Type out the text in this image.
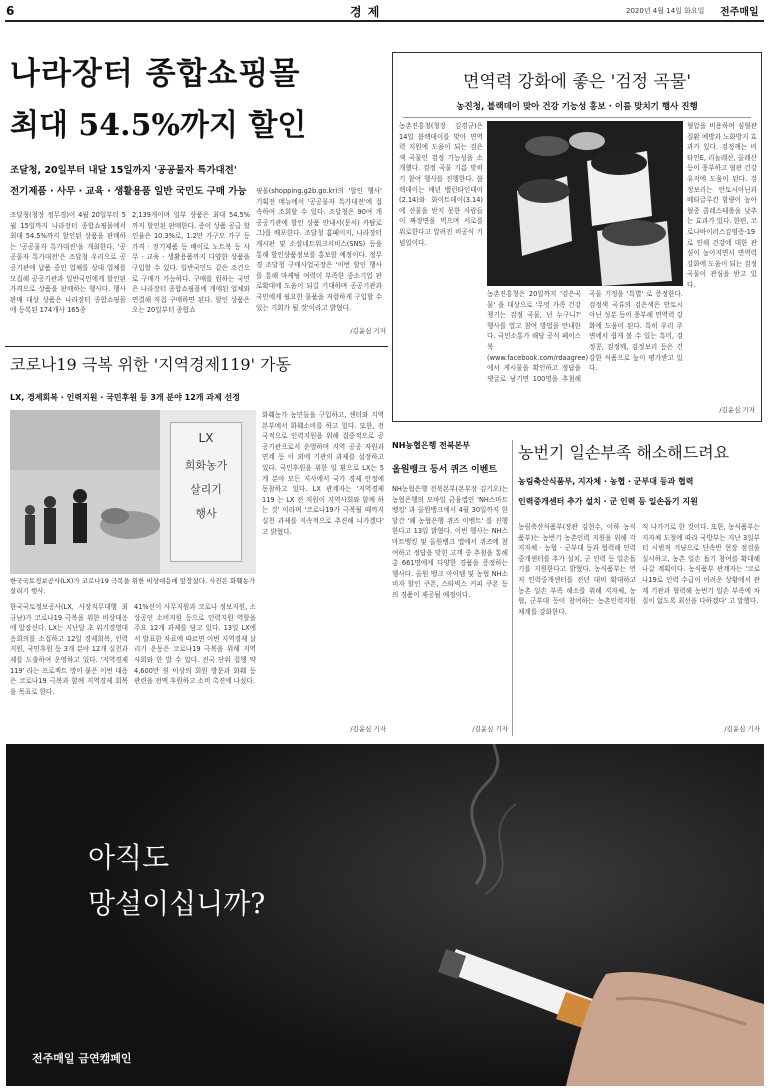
6	경 제	2020년 4월 14일 화요일 전주매일
나라장터 종합쇼핑몰
최대 54.5%까지 할인
조달청, 20일부터 내달 15일까지 '공공물자 특가대전'
전기제품 · 사무 · 교육 · 생활용품 일반 국민도 구매 가능
조달청(청장 정무경)이 4월 20일부터 5월 15일까지 나라장터 종합쇼핑몰에서 최대 54.5%까지 할인된 상품을 판매하는 '공공물자 특가대전'을 개최한다. '공공물자 특가대전'은 조달청 우리으로 공공기관에 납품 중인 업체를 상대 업체를 모집해 공공기관과 일반국민에게 할인된 가격으로 상품을 판매하는 행사다. 행사 판매 대상 상품은 나라장터 종합쇼핑몰에 등록된 174개사 165종
2,139개이며 일부 상품은 최대 54.5%까지 할인된 판매한다. 종이 상품 공급 할인율은 10.3%로, 1.2만 가구모 가구 등 가격 · 전기제품 등 배이로 노트북 등 사무 · 교육 · 생활용품까지 다양한 상품을 구입할 수 있다. 일반국민도 같은 조건으로 구매가 가능하다. 구매를 원하는 국민은 나라장터 종합쇼핑몰에 개에된 업체와 연결해 직접 구매하면 된다. 할인 상품은 오는 20일부터 종합쇼
핑몰(shopping.g2b.go.kr)의 '할인 행사' 기획전 메뉴에서 '공공물자 특가대전'에 접속하여 조회할 수 있다. 조달청은 90여 개 공공기관에 할인 상품 안내서(문서) 카탈로그)를 배포한다. 조달청 홈페이지, 나라장터 게시판 및 소셜네트워크서비스(SNS) 등을 통해 할인상품정보를 홍보할 예정이다. 정무경 조달청 구매사업국장은 '이번 할인 행사를 통해 마케팅 여력이 부족한 중소기업 판로확대에 도움이 되길 기대하며 공공기관과 국민에게 필요한 물품을 저렴하게 구입할 수 있는 기회가 될 것'이라고 밝혔다.
/김윤심 기자
면역력 강화에 좋은 '검정 곡물'
농진청, 블랙데이 맞아 건강 기능성 홍보 · 이름 맞치기 행사 진행
농촌진흥청(청장 김경규)은 14일 블랙데이를 맞아 면역력 지원에 도움이 되는 검은색 곡물인 검정 기능성을 소개했다. 검정 곡물 기름 맞히기 참여 행사를 진행한다. 블랙데이는 매년 밸런타인데이(2.14)와 화이트데이(3.14)에 선물을 받지 못한 사람들이 짜장면을 먹으며 서로를 위로한다고 알려진 비공식 기념일이다.
농촌진흥청은 20일까지 '검은곡물' 을 대상으로 '무엇 가족 건강 챙기는 검정 곡물, 넌 누구니?' 행사를 열고 참여 방법을 안내한다. 국민소통가 해당 공식 페이스북(www.facebook.com/rdaagree)에서 게시물을 확인하고 정답을 댓글로 남기면 100명을 추첨해 곡물 기정을 '특별' 로 증정한다. 검정색 곡류의 검은색은 안토시아닌 성분 등이 풍부해 면역력 강화에 도움이 된다. 특히 우리 주변에서 쉽게 볼 수 있는 흑미, 검정콩, 검정깨, 검정보리 등은 건강한 식품으로 높이 평가받고 있다.
혈압을 비용하며 심혈관 질환 예방과 노화방지 효과가 있다. 검정깨는 비타민E, 리놀레산, 올레산 등이 풍부하고 혈관 건강 유지에 도움이 된다. 검정보리는 안토시아닌과 베타글루칸 함량이 높아 혈중 콜레스테롤을 낮추는 효과가 있다. 한편, 코로나바이러스감염증-19로 인해 건강에 대한 관심이 높아지면서 면역력 강화에 도움이 되는 검정 곡물이 관심을 받고 있다.
/김윤심 기자
코로나19 극복 위한 '지역경제119' 가동
LX, 경제회복 · 인력지원 · 국민후원 등 3개 분야 12개 과제 선정
LX
희화농가
살리기
행사
한국국토정보공사(LX)가 코로나19 극복을 위한 비상대응에 앞장섰다. 사진은 화훼농가 살리기 행사.
한국국토정보공사(LX, 사장직무대행 최규남)가 코로나19 극복을 위한 비상대응에 앞장선다. LX는 지난달 초 위기경영대응회의를 소집하고 12일 경제회복, 인력지원, 국민후원 등 3개 분야 12개 실천과제를 도출하여 운영하고 있다. '지역경제 119' 라는 프로젝트 명이 붙은 이번 대응은 코로나19 극복과 함께 지역경제 회복을 목표로 한다.
41%선이 사무지원과 코로나 정보지원, 소상공인 소비지원 등으로 인력지원 역할을 주요 12개 과제를 담고 있다. 13일 LX에서 발표한 자료에 따르면 이번 지역경제 살리기 운동은 코로나19 극복을 위해 지역 사회와 한 발 수 있다. 전국 단위 집행 약 4,600만 원 이상의 회원 방문과 화훼 등 관련을 전액 후원하고 소비 촉진에 나섰다.
화훼농가 농민들을 구입하고, 센터와 지역본부에서 화훼소비를 하고 있다. 또한, 전국적으로 인력지원을 위해 집중적으로 공공기관으로서 운영하며 지역 공공 자원과 연계 등 이 외에 기관의 과제를 설정하고 있다. 국민후원을 위한 일 환으로 LX는 5개 분야 모든 지사에서 국가 경제 안정에 동참하고 있다. LX 관계자는 '지역경제 119 는 LX 전 직원이 지역사회와 함께 하는 것' 이라며 '코로나19가 극복될 때까지 실천 과제를 지속적으로 추진해 나가겠다' 고 밝혔다.
/김윤심 기자
NH농협은행 전북본부
올원뱅크 등서 퀴즈 이벤트
NH농협은행 전북본부(본부장 김기오)는 농협은행의 모바일 금융앱인 'NH스마트뱅킹' 과 올원뱅크에서 4월 30일까지 한달간 '왜 농협은행 퀴즈 이벤트' 를 진행한다고 13일 밝혔다. 이번 행사는 NH스마트뱅킹 및 올원뱅크 앱에서 퀴즈에 참여하고 정답을 맞힌 고객 중 추첨을 통해 총 661명에게 다양한 경품을 증정하는 행사다. 올원 뱅크 아이템 및 농협 NH소비자 할인 쿠폰, 스타벅스 커피 쿠폰 등의 경품이 제공될 예정이다.
/김윤심 기자
농번기 일손부족 해소해드려요
농림축산식품부, 지자체 · 농협 · 군부대 등과 협력
인력중개센터 추가 설치 · 군 인력 등 일손돕기 지원
농림축산식품부(장관 김현수, 이하 농식품부)는 농번기 농촌인력 지원을 위해 각 지자체 · 농협 · 군부대 등과 협력해 인력중개센터를 추가 설치, 군 인력 등 일손돕기를 지원한다고 밝혔다. 농식품부는 먼저 인력중개센터를 전년 대비 확대하고 농촌 일손 부족 해소를 위해 지자체, 농협, 군부대 등이 참여하는 농촌인력지원 체계를 강화한다.
직 나가기로 한 것이다. 또한, 농식품부는 지자체 도청에 따라 국방부는 지난 3일부터 시범적 겨냥으로 단속반 현장 점검을 실시하고, 농촌 일손 돕기 참여를 확대해 나갈 계획이다. 농식품부 관계자는 '코로나19로 인력 수급이 어려운 상황에서 관계 기관과 협력해 농번기 일손 부족에 차질이 없도록 최선을 다하겠다' 고 말했다.
/김윤심 기자
아직도
망설이십니까?
전주매일 금연캠페인
